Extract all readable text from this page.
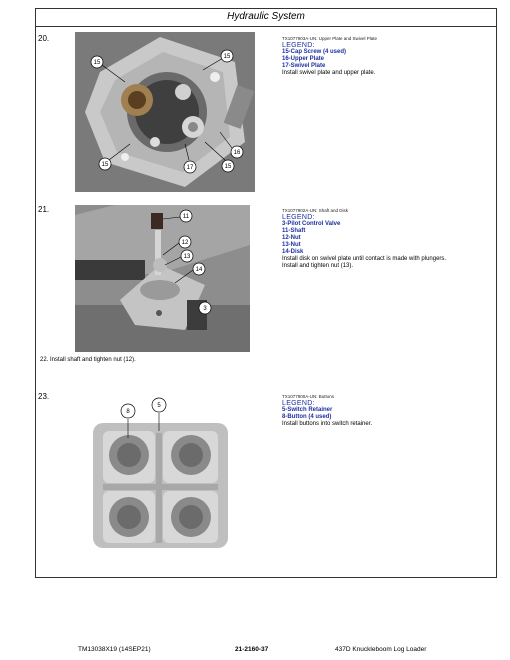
Hydraulic System
20.
15
15
15	15
16
17
TX1077903A-UN: Upper Plate and Swivel Plate
LEGEND:
15-Cap Screw (4 used)
16-Upper Plate
17-Swivel Plate
Install swivel plate and upper plate.
21.
11
12
13
14
3
TX1077902A-UN: Shaft and Disk
LEGEND:
3-Pilot Control Valve
11-Shaft
12-Nut
13-Nut
14-Disk
Install disk on swivel plate until contact is made with plungers.
Install and tighten nut (13).
22. Install shaft and tighten nut (12).
23.
8
5
TX1077900A-UN: Buttons
LEGEND:
5-Switch Retainer
8-Button (4 used)
Install buttons into switch retainer.
TM13038X19 (14SEP21)	21-2160-37	437D Knuckleboom Log Loader
